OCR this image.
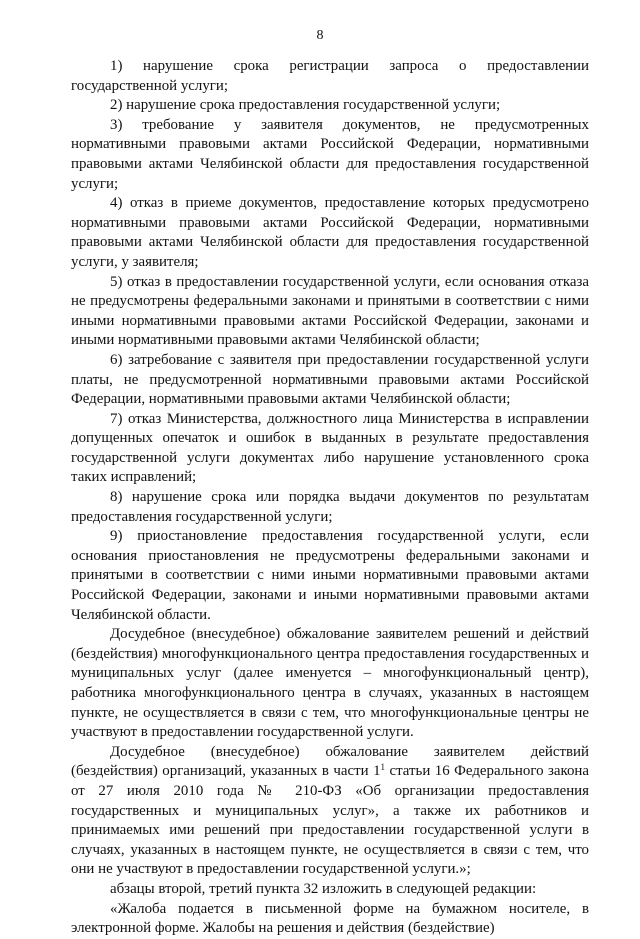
8

1) нарушение срока регистрации запроса о предоставлении государственной услуги;

2) нарушение срока предоставления государственной услуги;

3) требование у заявителя документов, не предусмотренных нормативными правовыми актами Российской Федерации, нормативными правовыми актами Челябинской области для предоставления государственной услуги;

4) отказ в приеме документов, предоставление которых предусмотрено нормативными правовыми актами Российской Федерации, нормативными правовыми актами Челябинской области для предоставления государственной услуги, у заявителя;

5) отказ в предоставлении государственной услуги, если основания отказа не предусмотрены федеральными законами и принятыми в соответствии с ними иными нормативными правовыми актами Российской Федерации, законами и иными нормативными правовыми актами Челябинской области;

6) затребование с заявителя при предоставлении государственной услуги платы, не предусмотренной нормативными правовыми актами Российской Федерации, нормативными правовыми актами Челябинской области;

7) отказ Министерства, должностного лица Министерства в исправлении допущенных опечаток и ошибок в выданных в результате предоставления государственной услуги документах либо нарушение установленного срока таких исправлений;

8) нарушение срока или порядка выдачи документов по результатам предоставления государственной услуги;

9) приостановление предоставления государственной услуги, если основания приостановления не предусмотрены федеральными законами и принятыми в соответствии с ними иными нормативными правовыми актами Российской Федерации, законами и иными нормативными правовыми актами Челябинской области.

Досудебное (внесудебное) обжалование заявителем решений и действий (бездействия) многофункционального центра предоставления государственных и муниципальных услуг (далее именуется – многофункциональный центр), работника многофункционального центра в случаях, указанных в настоящем пункте, не осуществляется в связи с тем, что многофункциональные центры не участвуют в предоставлении государственной услуги.

Досудебное (внесудебное) обжалование заявителем действий (бездействия) организаций, указанных в части $1^1$ статьи 16 Федерального закона от 27 июля 2010 года № 210-ФЗ «Об организации предоставления государственных и муниципальных услуг», а также их работников и принимаемых ими решений при предоставлении государственной услуги в случаях, указанных в настоящем пункте, не осуществляется в связи с тем, что они не участвуют в предоставлении государственной услуги.»;

абзацы второй, третий пункта 32 изложить в следующей редакции:

«Жалоба подается в письменной форме на бумажном носителе, в электронной форме. Жалобы на решения и действия (бездействие)
